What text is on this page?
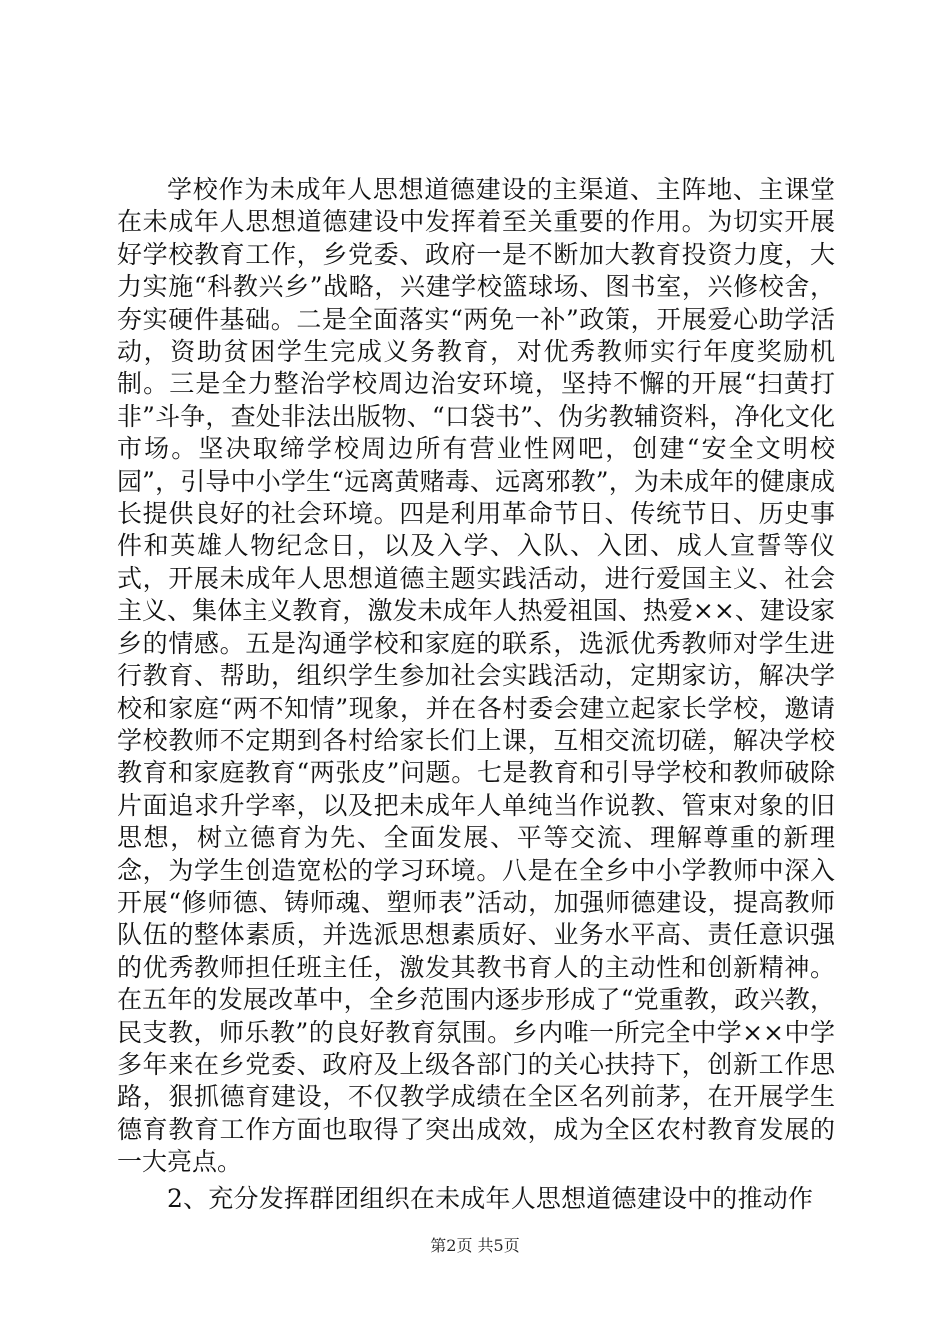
学校作为未成年人思想道德建设的主渠道、主阵地、主课堂在未成年人思想道德建设中发挥着至关重要的作用。为切实开展好学校教育工作，乡党委、政府一是不断加大教育投资力度，大力实施“科教兴乡”战略，兴建学校篮球场、图书室，兴修校舍，夯实硬件基础。二是全面落实“两免一补”政策，开展爱心助学活动，资助贫困学生完成义务教育，对优秀教师实行年度奖励机制。三是全力整治学校周边治安环境，坚持不懈的开展“扫黄打非”斗争，查处非法出版物、“口袋书”、伪劣教辅资料，净化文化市场。坚决取缔学校周边所有营业性网吧，创建“安全文明校园”，引导中小学生“远离黄赌毒、远离邪教”，为未成年的健康成长提供良好的社会环境。四是利用革命节日、传统节日、历史事件和英雄人物纪念日，以及入学、入队、入团、成人宣誓等仪式，开展未成年人思想道德主题实践活动，进行爱国主义、社会主义、集体主义教育，激发未成年人热爱祖国、热爱××、建设家乡的情感。五是沟通学校和家庭的联系，选派优秀教师对学生进行教育、帮助，组织学生参加社会实践活动，定期家访，解决学校和家庭“两不知情”现象，并在各村委会建立起家长学校，邀请学校教师不定期到各村给家长们上课，互相交流切磋，解决学校教育和家庭教育“两张皮”问题。七是教育和引导学校和教师破除片面追求升学率，以及把未成年人单纯当作说教、管束对象的旧思想，树立德育为先、全面发展、平等交流、理解尊重的新理念，为学生创造宽松的学习环境。八是在全乡中小学教师中深入开展“修师德、铸师魂、塑师表”活动，加强师德建设，提高教师队伍的整体素质，并选派思想素质好、业务水平高、责任意识强的优秀教师担任班主任，激发其教书育人的主动性和创新精神。在五年的发展改革中，全乡范围内逐步形成了“党重教，政兴教，民支教，师乐教”的良好教育氛围。乡内唯一所完全中学××中学多年来在乡党委、政府及上级各部门的关心扶持下，创新工作思路，狠抓德育建设，不仅教学成绩在全区名列前茅，在开展学生德育教育工作方面也取得了突出成效，成为全区农村教育发展的一大亮点。

2、充分发挥群团组织在未成年人思想道德建设中的推动作

第2页 共5页
